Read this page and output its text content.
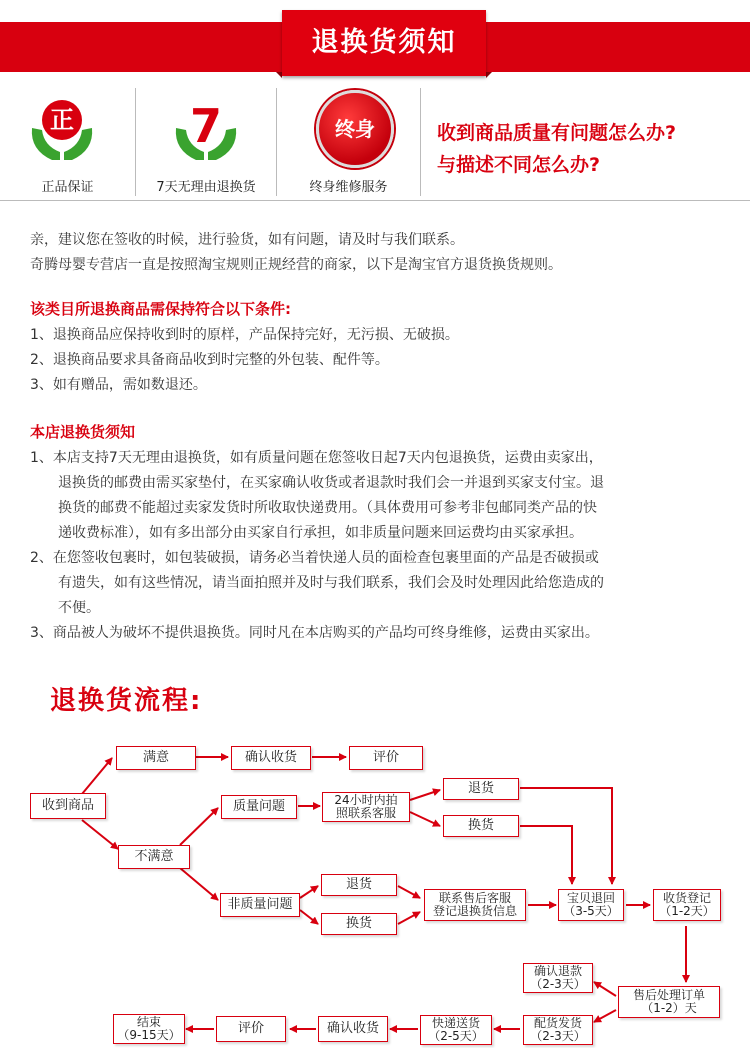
退换货须知
正
正品保证
7
7天无理由退换货
终身
终身维修服务
收到商品质量有问题怎么办?
与描述不同怎么办?
亲，建议您在签收的时候，进行验货，如有问题，请及时与我们联系。
奇腾母婴专营店一直是按照淘宝规则正规经营的商家，以下是淘宝官方退货换货规则。
该类目所退换商品需保持符合以下条件:
1、退换商品应保持收到时的原样，产品保持完好，无污损、无破损。
2、退换商品要求具备商品收到时完整的外包装、配件等。
3、如有赠品，需如数退还。
本店退换货须知
1、本店支持7天无理由退换货，如有质量问题在您签收日起7天内包退换货，运费由卖家出，
退换货的邮费由需买家垫付，在买家确认收货或者退款时我们会一并退到买家支付宝。退
换货的邮费不能超过卖家发货时所收取快递费用。（具体费用可参考非包邮同类产品的快
递收费标准），如有多出部分由买家自行承担，如非质量问题来回运费均由买家承担。
2、在您签收包裹时，如包装破损，请务必当着快递人员的面检查包裹里面的产品是否破损或
有遗失，如有这些情况，请当面拍照并及时与我们联系，我们会及时处理因此给您造成的
不便。
3、商品被人为破坏不提供退换货。同时凡在本店购买的产品均可终身维修，运费由买家出。
退换货流程:
收到商品
满意	确认收货	评价
不满意
质量问题	24小时内拍
照联系客服
退货
换货
非质量问题
退货
换货
联系售后客服
登记退换货信息
宝贝退回
（3-5天）
收货登记
（1-2天）
售后处理订单
（1-2）天
确认退款
（2-3天）
配货发货
（2-3天）
快递送货
（2-5天）
确认收货
评价
结束
（9-15天）
